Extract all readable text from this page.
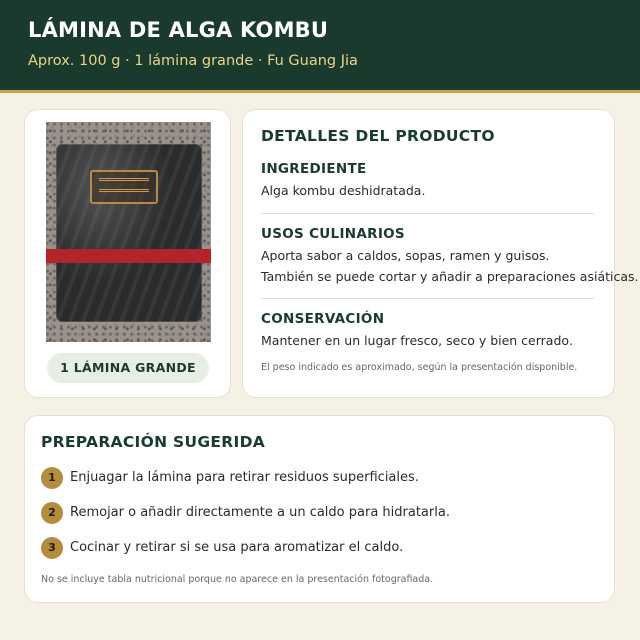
LÁMINA DE ALGA KOMBU
Aprox. 100 g · 1 lámina grande · Fu Guang Jia
1 LÁMINA GRANDE
DETALLES DEL PRODUCTO
INGREDIENTE
Alga kombu deshidratada.
USOS CULINARIOS
Aporta sabor a caldos, sopas, ramen y guisos.
También se puede cortar y añadir a preparaciones asiáticas.
CONSERVACIÓN
Mantener en un lugar fresco, seco y bien cerrado.
El peso indicado es aproximado, según la presentación disponible.
PREPARACIÓN SUGERIDA
1	Enjuagar la lámina para retirar residuos superficiales.
2	Remojar o añadir directamente a un caldo para hidratarla.
3	Cocinar y retirar si se usa para aromatizar el caldo.
No se incluye tabla nutricional porque no aparece en la presentación fotografiada.
